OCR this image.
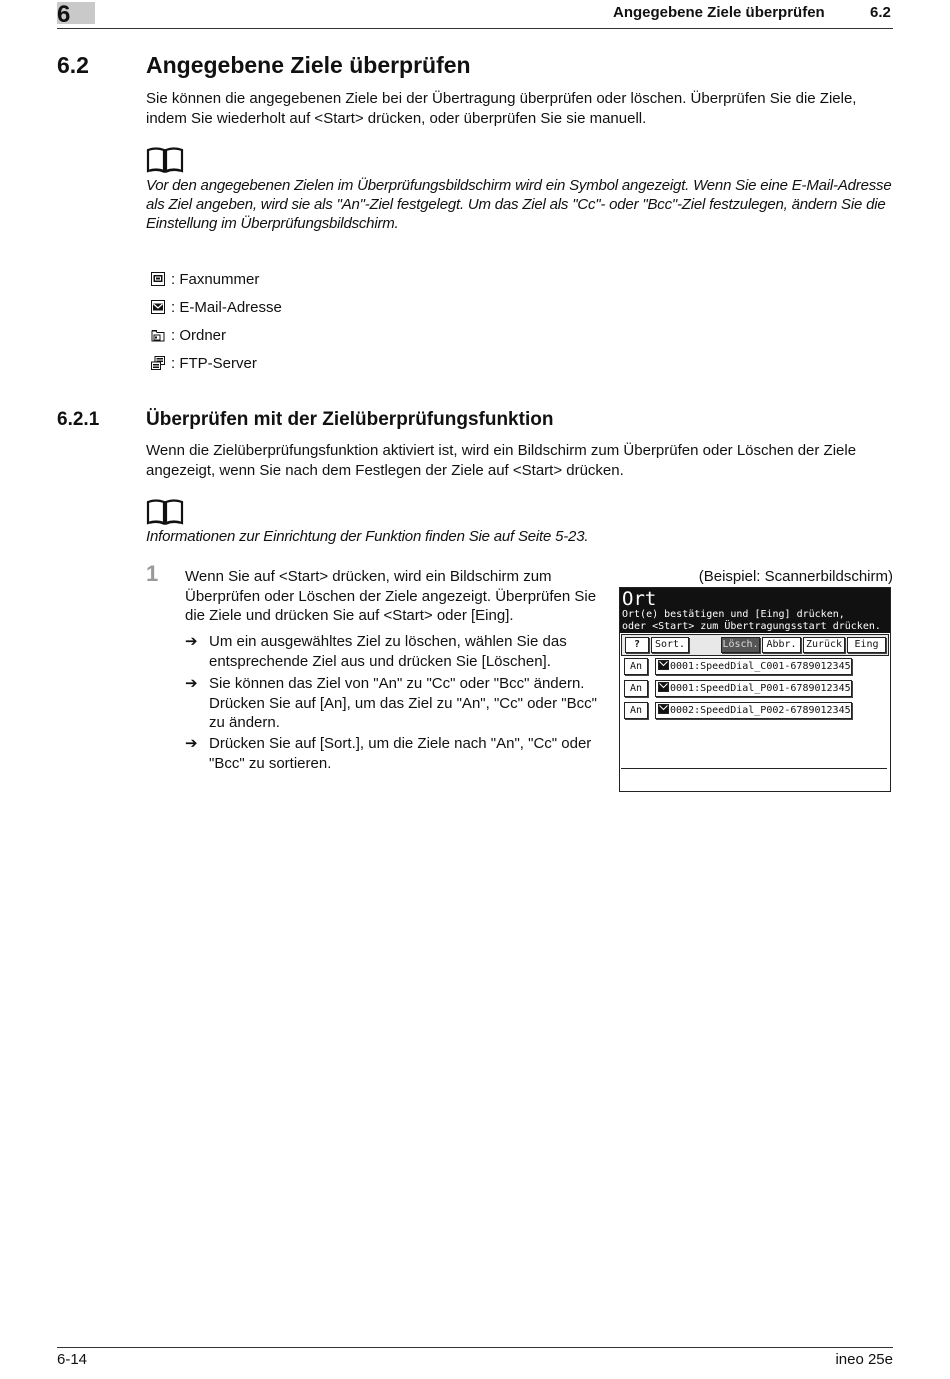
6	Angegebene Ziele überprüfen	6.2
6.2 Angegebene Ziele überprüfen
Sie können die angegebenen Ziele bei der Übertragung überprüfen oder löschen. Überprüfen Sie die Ziele, indem Sie wiederholt auf <Start> drücken, oder überprüfen Sie sie manuell.
Vor den angegebenen Zielen im Überprüfungsbildschirm wird ein Symbol angezeigt. Wenn Sie eine E-Mail-Adresse als Ziel angeben, wird sie als "An"-Ziel festgelegt. Um das Ziel als "Cc"- oder "Bcc"-Ziel festzulegen, ändern Sie die Einstellung im Überprüfungsbildschirm.
: Faxnummer
: E-Mail-Adresse
: Ordner
: FTP-Server
6.2.1 Überprüfen mit der Zielüberprüfungsfunktion
Wenn die Zielüberprüfungsfunktion aktiviert ist, wird ein Bildschirm zum Überprüfen oder Löschen der Ziele angezeigt, wenn Sie nach dem Festlegen der Ziele auf <Start> drücken.
Informationen zur Einrichtung der Funktion finden Sie auf Seite 5-23.
1 Wenn Sie auf <Start> drücken, wird ein Bildschirm zum Überprüfen oder Löschen der Ziele angezeigt. Überprüfen Sie die Ziele und drücken Sie auf <Start> oder [Eing].
➔ Um ein ausgewähltes Ziel zu löschen, wählen Sie das entsprechende Ziel aus und drücken Sie [Löschen].
➔ Sie können das Ziel von "An" zu "Cc" oder "Bcc" ändern. Drücken Sie auf [An], um das Ziel zu "An", "Cc" oder "Bcc" zu ändern.
➔ Drücken Sie auf [Sort.], um die Ziele nach "An", "Cc" oder "Bcc" zu sortieren.
(Beispiel: Scannerbildschirm)
Ort
Ort(e) bestätigen und [Eing] drücken,
oder <Start> zum Übertragungsstart drücken.
?	Sort.	Lösch. Abbr. Zurück	Eing
An	0001:SpeedDial_C001-6789012345
An	0001:SpeedDial_P001-6789012345
An	0002:SpeedDial_P002-6789012345
6-14	ineo 25e
